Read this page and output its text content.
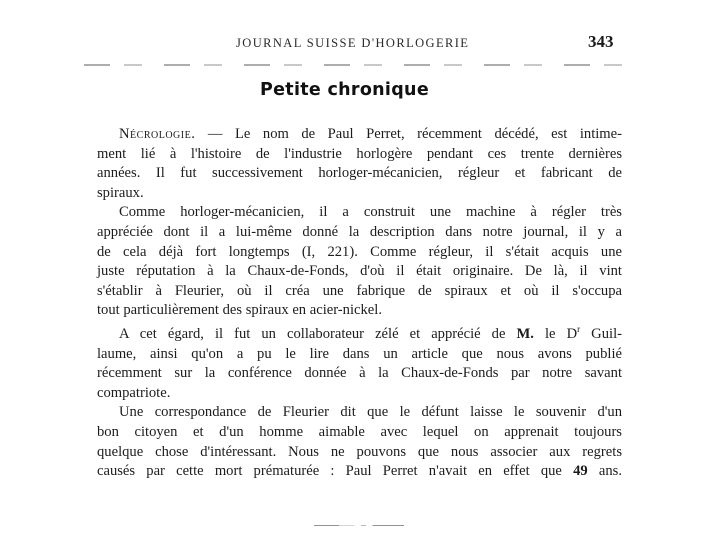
JOURNAL SUISSE D'HORLOGERIE	343
Petite chronique
Nécrologie. — Le nom de Paul Perret, récemment décédé, est intime-
ment lié à l'histoire de l'industrie horlogère pendant ces trente dernières
années. Il fut successivement horloger-mécanicien, régleur et fabricant de
spiraux.
Comme horloger-mécanicien, il a construit une machine à régler très
appréciée dont il a lui-même donné la description dans notre journal, il y a
de cela déjà fort longtemps (I, 221). Comme régleur, il s'était acquis une
juste réputation à la Chaux-de-Fonds, d'où il était originaire. De là, il vint
s'établir à Fleurier, où il créa une fabrique de spiraux et où il s'occupa
tout particulièrement des spiraux en acier-nickel.
A cet égard, il fut un collaborateur zélé et apprécié de M. le $D^r$ Guil-
laume, ainsi qu'on a pu le lire dans un article que nous avons publié
récemment sur la conférence donnée à la Chaux-de-Fonds par notre savant
compatriote.
Une correspondance de Fleurier dit que le défunt laisse le souvenir d'un
bon citoyen et d'un homme aimable avec lequel on apprenait toujours
quelque chose d'intéressant. Nous ne pouvons que nous associer aux regrets
causés par cette mort prématurée : Paul Perret n'avait en effet que 49 ans.
